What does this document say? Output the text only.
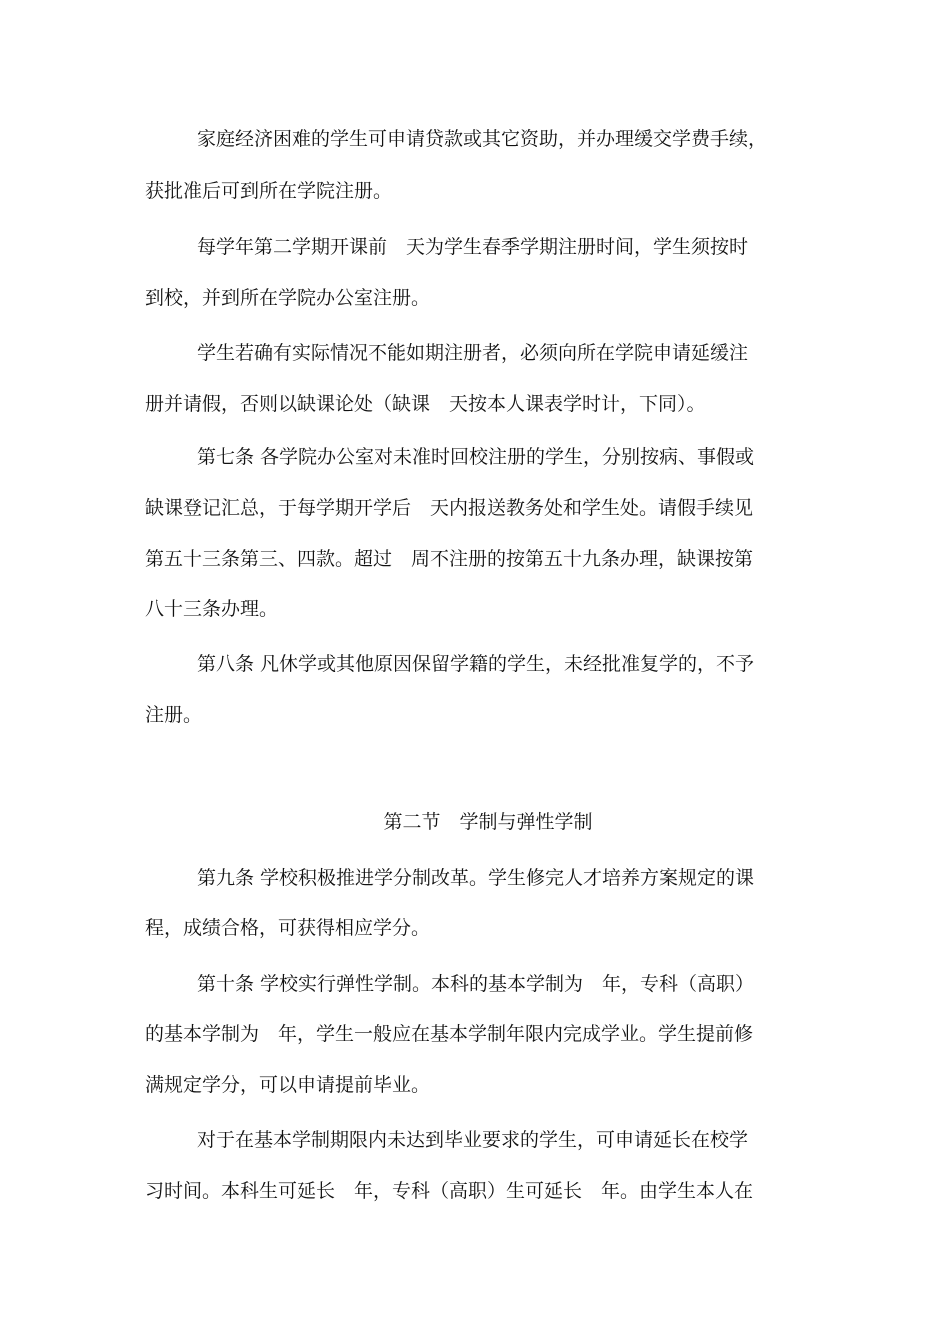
家庭经济困难的学生可申请贷款或其它资助，并办理缓交学费手续，
获批准后可到所在学院注册。
每学年第二学期开课前　天为学生春季学期注册时间，学生须按时
到校，并到所在学院办公室注册。
学生若确有实际情况不能如期注册者，必须向所在学院申请延缓注
册并请假，否则以缺课论处（缺课　天按本人课表学时计，下同）。
第七条 各学院办公室对未准时回校注册的学生，分别按病、事假或
缺课登记汇总，于每学期开学后　天内报送教务处和学生处。请假手续见
第五十三条第三、四款。超过　周不注册的按第五十九条办理，缺课按第
八十三条办理。
第八条 凡休学或其他原因保留学籍的学生，未经批准复学的，不予
注册。
第二节　学制与弹性学制
第九条 学校积极推进学分制改革。学生修完人才培养方案规定的课
程，成绩合格，可获得相应学分。
第十条 学校实行弹性学制。本科的基本学制为　年，专科（高职）
的基本学制为　年，学生一般应在基本学制年限内完成学业。学生提前修
满规定学分，可以申请提前毕业。
对于在基本学制期限内未达到毕业要求的学生，可申请延长在校学
习时间。本科生可延长　年，专科（高职）生可延长　年。由学生本人在
